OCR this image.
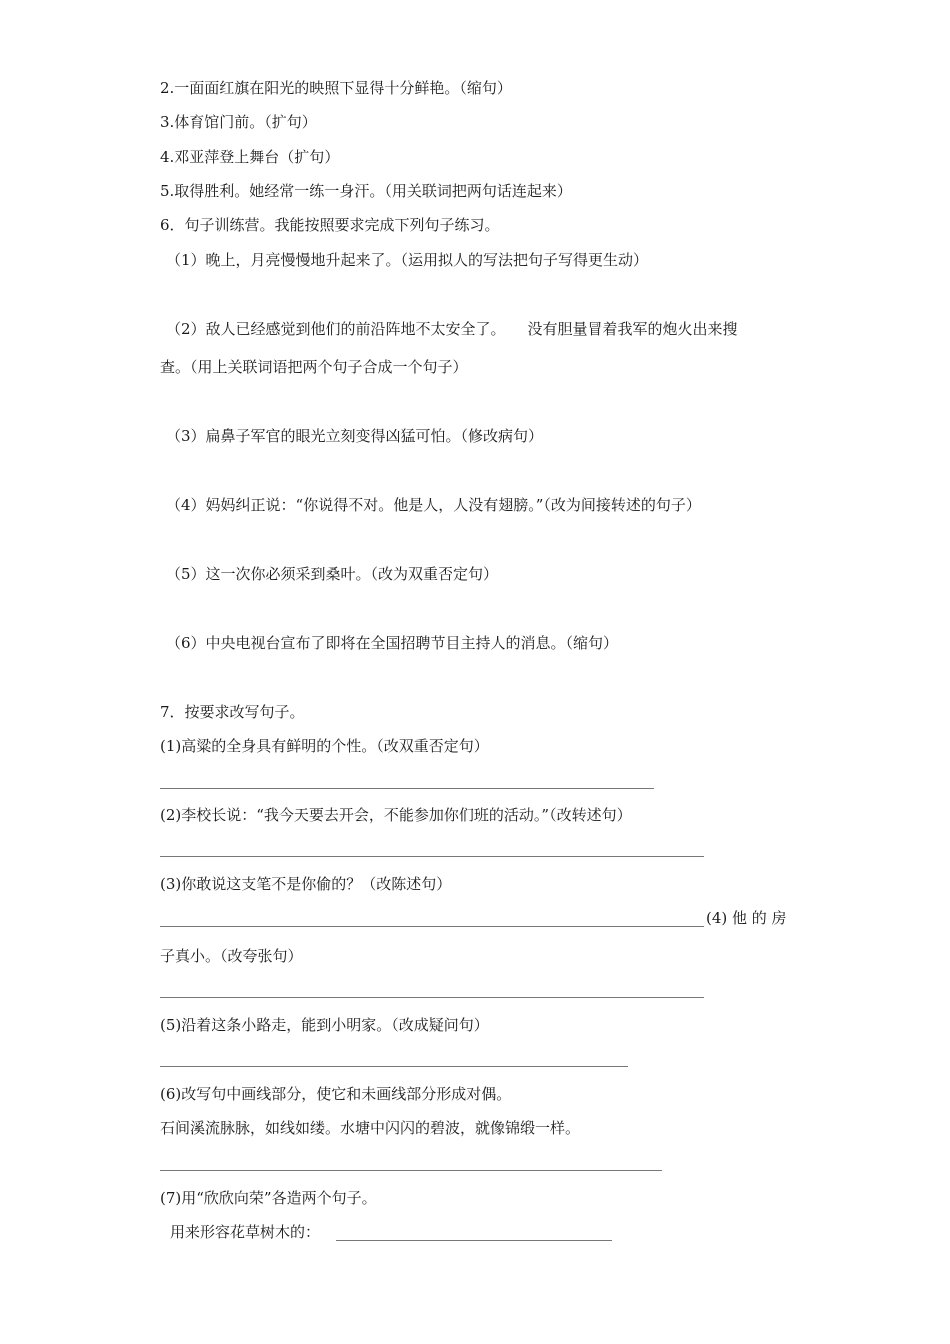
2.一面面红旗在阳光的映照下显得十分鲜艳。（缩句）
3.体育馆门前。（扩句）
4.邓亚萍登上舞台（扩句）
5.取得胜利。她经常一练一身汗。（用关联词把两句话连起来）
6．句子训练营。我能按照要求完成下列句子练习。
（1）晚上，月亮慢慢地升起来了。（运用拟人的写法把句子写得更生动）
（2）敌人已经感觉到他们的前沿阵地不太安全了。 没有胆量冒着我军的炮火出来搜
查。（用上关联词语把两个句子合成一个句子）
（3）扁鼻子军官的眼光立刻变得凶猛可怕。（修改病句）
（4）妈妈纠正说：“你说得不对。他是人，人没有翅膀。”（改为间接转述的句子）
（5）这一次你必须采到桑叶。（改为双重否定句）
（6）中央电视台宣布了即将在全国招聘节目主持人的消息。（缩句）
7．按要求改写句子。
(1)高粱的全身具有鲜明的个性。（改双重否定句）
(2)李校长说：“我今天要去开会，不能参加你们班的活动。”（改转述句）
(3)你敢说这支笔不是你偷的？（改陈述句）
(4) 他 的 房
子真小。（改夸张句）
(5)沿着这条小路走，能到小明家。（改成疑问句）
(6)改写句中画线部分，使它和未画线部分形成对偶。
石间溪流脉脉，如线如缕。水塘中闪闪的碧波，就像锦缎一样。
(7)用“欣欣向荣”各造两个句子。
用来形容花草树木的：
